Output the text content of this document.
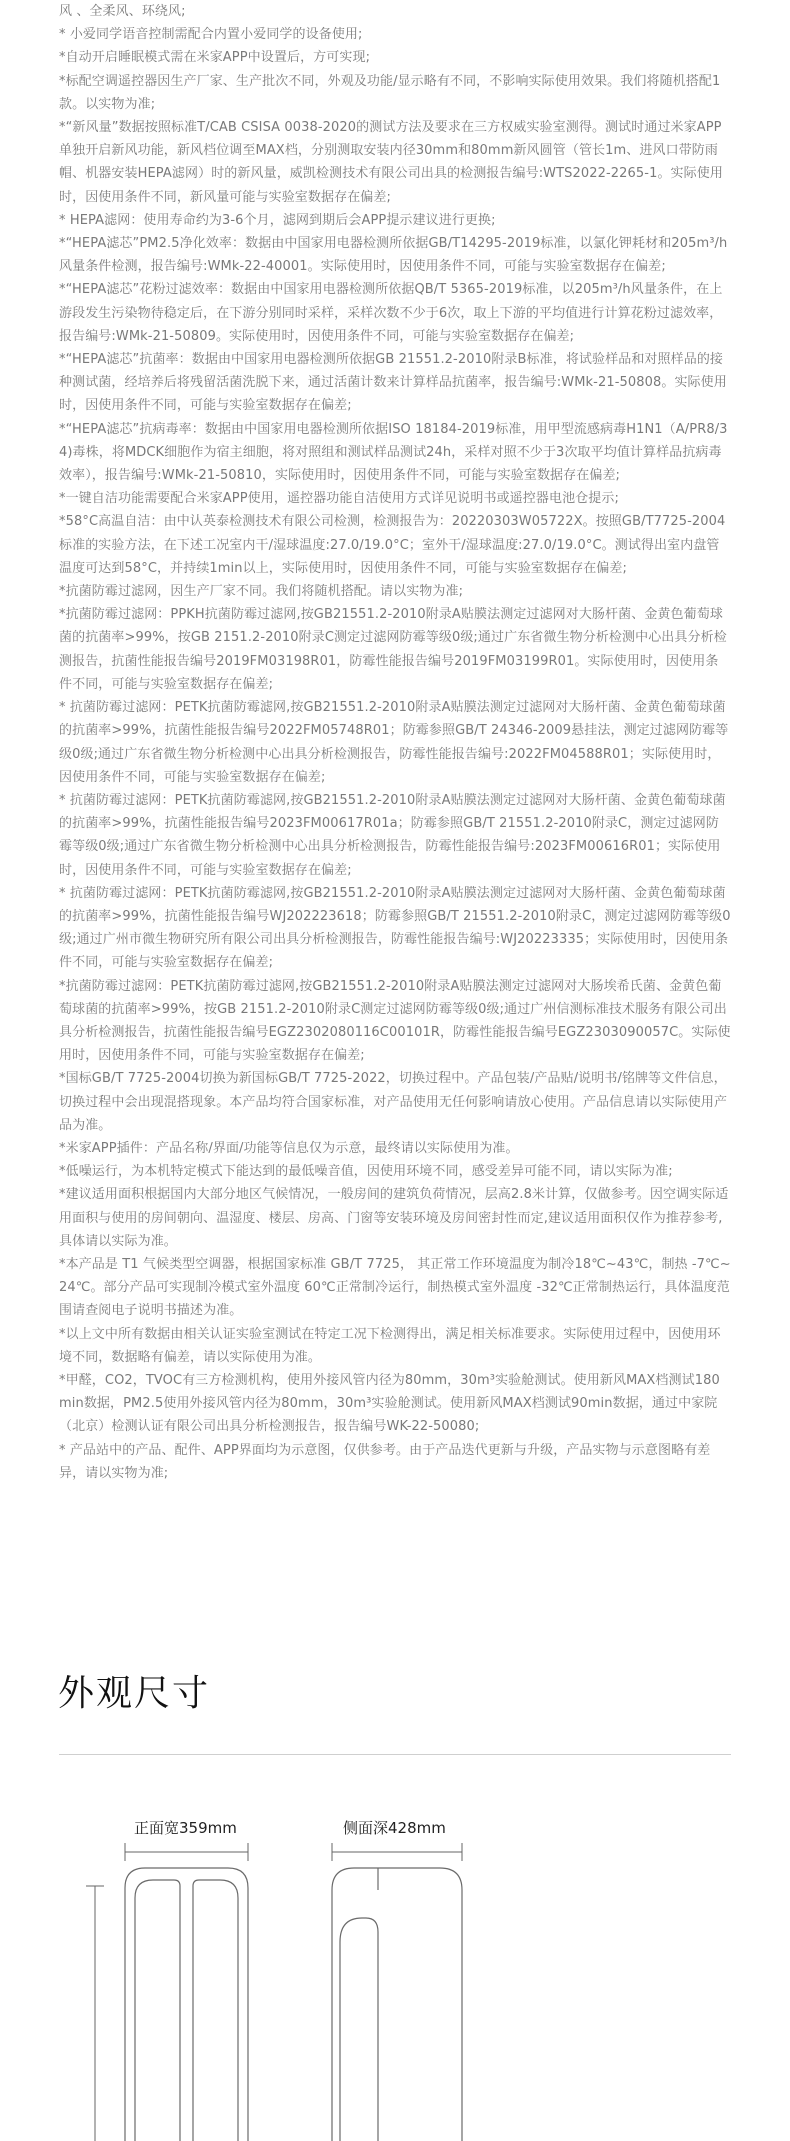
风 、全柔风、环绕风;

* 小爱同学语音控制需配合内置小爱同学的设备使用;

*自动开启睡眠模式需在米家APP中设置后，方可实现;

*标配空调遥控器因生产厂家、生产批次不同，外观及功能/显示略有不同，不影响实际使用效果。我们将随机搭配1款。以实物为准;

*“新风量”数据按照标准T/CAB CSISA 0038-2020的测试方法及要求在三方权威实验室测得。测试时通过米家APP单独开启新风功能，新风档位调至MAX档，分别测取安装内径30mm和80mm新风圆管（管长1m、进风口带防雨帽、机器安装HEPA滤网）时的新风量，威凯检测技术有限公司出具的检测报告编号:WTS2022-2265-1。实际使用时，因使用条件不同，新风量可能与实验室数据存在偏差;

* HEPA滤网：使用寿命约为3-6个月，滤网到期后会APP提示建议进行更换;

*“HEPA滤芯”PM2.5净化效率：数据由中国家用电器检测所依据GB/T14295-2019标准，以氯化钾耗材和205m³/h风量条件检测，报告编号:WMk-22-40001。实际使用时，因使用条件不同，可能与实验室数据存在偏差;

*“HEPA滤芯”花粉过滤效率：数据由中国家用电器检测所依据QB/T 5365-2019标准，以205m³/h风量条件，在上游段发生污染物待稳定后，在下游分别同时采样，采样次数不少于6次，取上下游的平均值进行计算花粉过滤效率，报告编号:WMk-21-50809。实际使用时，因使用条件不同，可能与实验室数据存在偏差;

*“HEPA滤芯”抗菌率：数据由中国家用电器检测所依据GB 21551.2-2010附录B标准，将试验样品和对照样品的接种测试菌，经培养后将残留活菌洗脱下来，通过活菌计数来计算样品抗菌率，报告编号:WMk-21-50808。实际使用时，因使用条件不同，可能与实验室数据存在偏差;

*“HEPA滤芯”抗病毒率：数据由中国家用电器检测所依据ISO 18184-2019标准，用甲型流感病毒H1N1（A/PR8/34)毒株，将MDCK细胞作为宿主细胞，将对照组和测试样品测试24h，采样对照不少于3次取平均值计算样品抗病毒效率），报告编号:WMk-21-50810，实际使用时，因使用条件不同，可能与实验室数据存在偏差;

*一键自洁功能需要配合米家APP使用，遥控器功能自洁使用方式详见说明书或遥控器电池仓提示;

*58°C高温自洁：由中认英泰检测技术有限公司检测，检测报告为：20220303W05722X。按照GB/T7725-2004标准的实验方法，在下述工况室内干/湿球温度:27.0/19.0°C；室外干/湿球温度:27.0/19.0°C。测试得出室内盘管温度可达到58°C，并持续1min以上，实际使用时，因使用条件不同，可能与实验室数据存在偏差;

*抗菌防霉过滤网，因生产厂家不同。我们将随机搭配。请以实物为准;

*抗菌防霉过滤网：PPKH抗菌防霉过滤网,按GB21551.2-2010附录A贴膜法测定过滤网对大肠杆菌、金黄色葡萄球菌的抗菌率>99%，按GB 2151.2-2010附录C测定过滤网防霉等级0级;通过广东省微生物分析检测中心出具分析检测报告，抗菌性能报告编号2019FM03198R01，防霉性能报告编号2019FM03199R01。实际使用时，因使用条件不同，可能与实验室数据存在偏差;

* 抗菌防霉过滤网：PETK抗菌防霉滤网,按GB21551.2-2010附录A贴膜法测定过滤网对大肠杆菌、金黄色葡萄球菌的抗菌率>99%，抗菌性能报告编号2022FM05748R01；防霉参照GB/T 24346-2009悬挂法，测定过滤网防霉等级0级;通过广东省微生物分析检测中心出具分析检测报告，防霉性能报告编号:2022FM04588R01；实际使用时，因使用条件不同，可能与实验室数据存在偏差;

* 抗菌防霉过滤网：PETK抗菌防霉滤网,按GB21551.2-2010附录A贴膜法测定过滤网对大肠杆菌、金黄色葡萄球菌的抗菌率>99%，抗菌性能报告编号2023FM00617R01a；防霉参照GB/T 21551.2-2010附录C，测定过滤网防霉等级0级;通过广东省微生物分析检测中心出具分析检测报告，防霉性能报告编号:2023FM00616R01；实际使用时，因使用条件不同，可能与实验室数据存在偏差;

* 抗菌防霉过滤网：PETK抗菌防霉滤网,按GB21551.2-2010附录A贴膜法测定过滤网对大肠杆菌、金黄色葡萄球菌的抗菌率>99%，抗菌性能报告编号WJ202223618；防霉参照GB/T 21551.2-2010附录C，测定过滤网防霉等级0级;通过广州市微生物研究所有限公司出具分析检测报告，防霉性能报告编号:WJ20223335；实际使用时，因使用条件不同，可能与实验室数据存在偏差;

*抗菌防霉过滤网：PETK抗菌防霉过滤网,按GB21551.2-2010附录A贴膜法测定过滤网对大肠埃希氏菌、金黄色葡萄球菌的抗菌率>99%，按GB 2151.2-2010附录C测定过滤网防霉等级0级;通过广州信测标准技术服务有限公司出具分析检测报告，抗菌性能报告编号EGZ2302080116C00101R，防霉性能报告编号EGZ2303090057C。实际使用时，因使用条件不同，可能与实验室数据存在偏差;

*国标GB/T 7725-2004切换为新国标GB/T 7725-2022，切换过程中。产品包装/产品贴/说明书/铭牌等文件信息，切换过程中会出现混搭现象。本产品均符合国家标准，对产品使用无任何影响请放心使用。产品信息请以实际使用产品为准。

*米家APP插件：产品名称/界面/功能等信息仅为示意，最终请以实际使用为准。

*低噪运行，为本机特定模式下能达到的最低噪音值，因使用环境不同，感受差异可能不同，请以实际为准;

*建议适用面积根据国内大部分地区气候情况，一般房间的建筑负荷情况，层高2.8米计算，仅做参考。因空调实际适用面积与使用的房间朝向、温湿度、楼层、房高、门窗等安装环境及房间密封性而定,建议适用面积仅作为推荐参考,具体请以实际为准。

*本产品是 T1 气候类型空调器，根据国家标准 GB/T 7725， 其正常工作环境温度为制冷18℃~43℃，制热 -7℃~24℃。部分产品可实现制冷模式室外温度 60℃正常制冷运行，制热模式室外温度 -32℃正常制热运行，具体温度范围请查阅电子说明书描述为准。

*以上文中所有数据由相关认证实验室测试在特定工况下检测得出，满足相关标准要求。实际使用过程中，因使用环境不同，数据略有偏差，请以实际使用为准。

*甲醛，CO2，TVOC有三方检测机构，使用外接风管内径为80mm，30m³实验舱测试。使用新风MAX档测试180min数据，PM2.5使用外接风管内径为80mm，30m³实验舱测试。使用新风MAX档测试90min数据，通过中家院（北京）检测认证有限公司出具分析检测报告，报告编号WK-22-50080;

* 产品站中的产品、配件、APP界面均为示意图，仅供参考。由于产品迭代更新与升级，产品实物与示意图略有差异，请以实物为准;

外观尺寸

正面宽359mm	侧面深428mm
